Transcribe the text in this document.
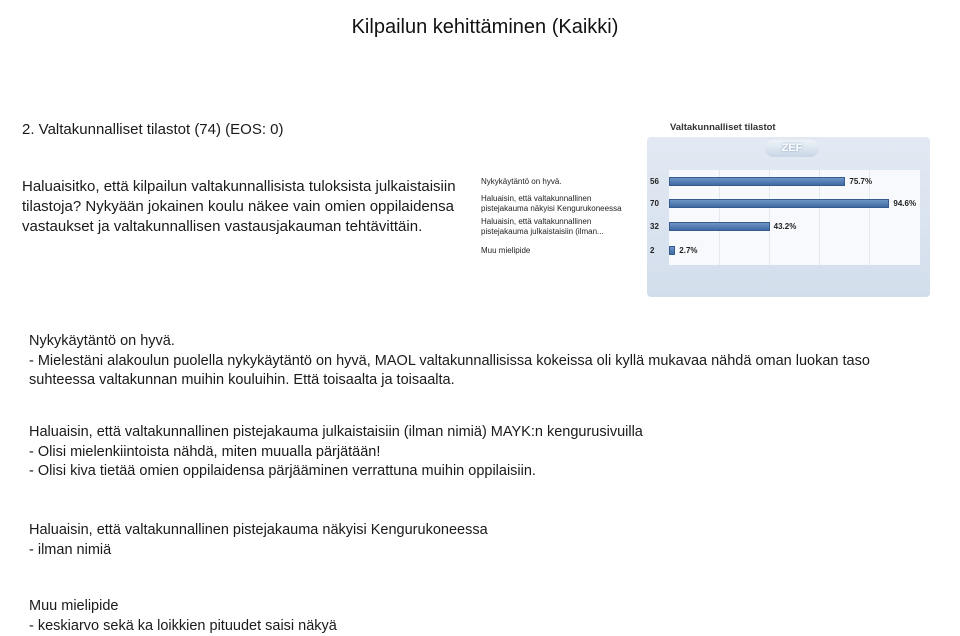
Kilpailun kehittäminen (Kaikki)
2. Valtakunnalliset tilastot (74) (EOS: 0)
Haluaisitko, että kilpailun valtakunnallisista tuloksista julkaistaisiin
tilastoja? Nykyään jokainen koulu näkee vain omien oppilaidensa
vastaukset ja valtakunnallisen vastausjakauman tehtävittäin.
Valtakunnalliset tilastot
ZEF
Nykykäytäntö on hyvä.	56	75.7%
Haluaisin, että valtakunnallinen
pistejakauma näkyisi Kengurukoneessa
70	94.6%
Haluaisin, että valtakunnallinen
pistejakauma julkaistaisiin (ilman...
32	43.2%
Muu mielipide	2	2.7%
Nykykäytäntö on hyvä.
- Mielestäni alakoulun puolella nykykäytäntö on hyvä, MAOL valtakunnallisissa kokeissa oli kyllä mukavaa nähdä oman luokan taso
suhteessa valtakunnan muihin kouluihin. Että toisaalta ja toisaalta.
Haluaisin, että valtakunnallinen pistejakauma julkaistaisiin (ilman nimiä) MAYK:n kengurusivuilla
- Olisi mielenkiintoista nähdä, miten muualla pärjätään!
- Olisi kiva tietää omien oppilaidensa pärjääminen verrattuna muihin oppilaisiin.
Haluaisin, että valtakunnallinen pistejakauma näkyisi Kengurukoneessa
- ilman nimiä
Muu mielipide
- keskiarvo sekä ka loikkien pituudet saisi näkyä
